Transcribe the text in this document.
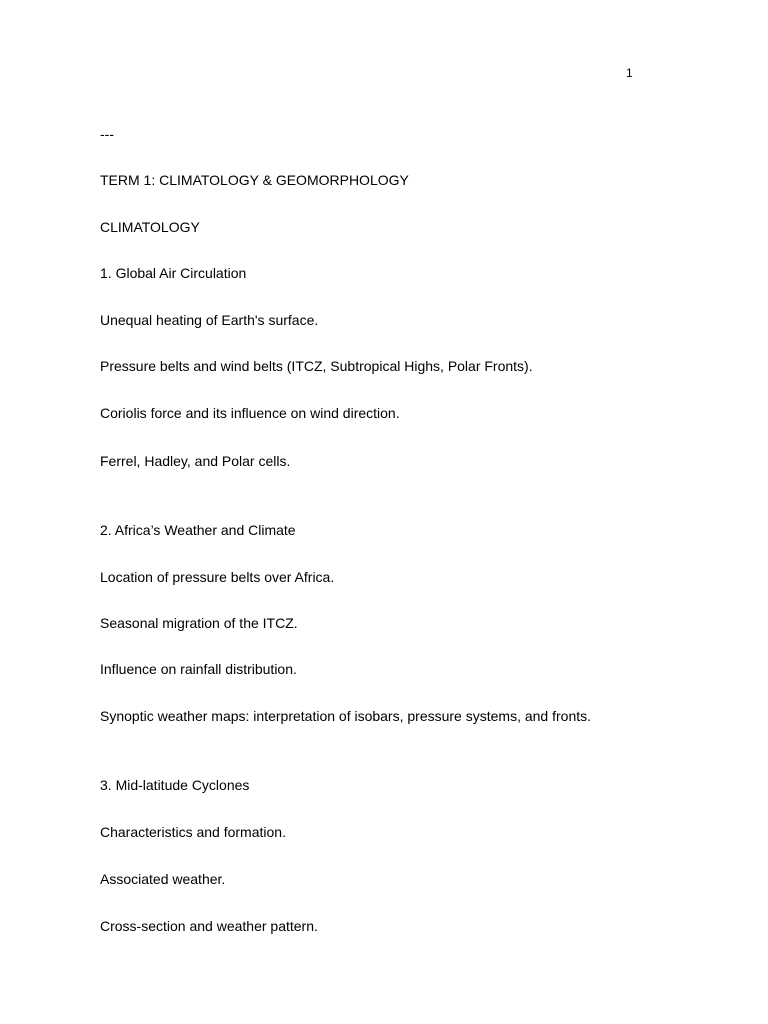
1
---
TERM 1: CLIMATOLOGY & GEOMORPHOLOGY
CLIMATOLOGY
1. Global Air Circulation
Unequal heating of Earth's surface.
Pressure belts and wind belts (ITCZ, Subtropical Highs, Polar Fronts).
Coriolis force and its influence on wind direction.
Ferrel, Hadley, and Polar cells.
2. Africa’s Weather and Climate
Location of pressure belts over Africa.
Seasonal migration of the ITCZ.
Influence on rainfall distribution.
Synoptic weather maps: interpretation of isobars, pressure systems, and fronts.
3. Mid-latitude Cyclones
Characteristics and formation.
Associated weather.
Cross-section and weather pattern.
